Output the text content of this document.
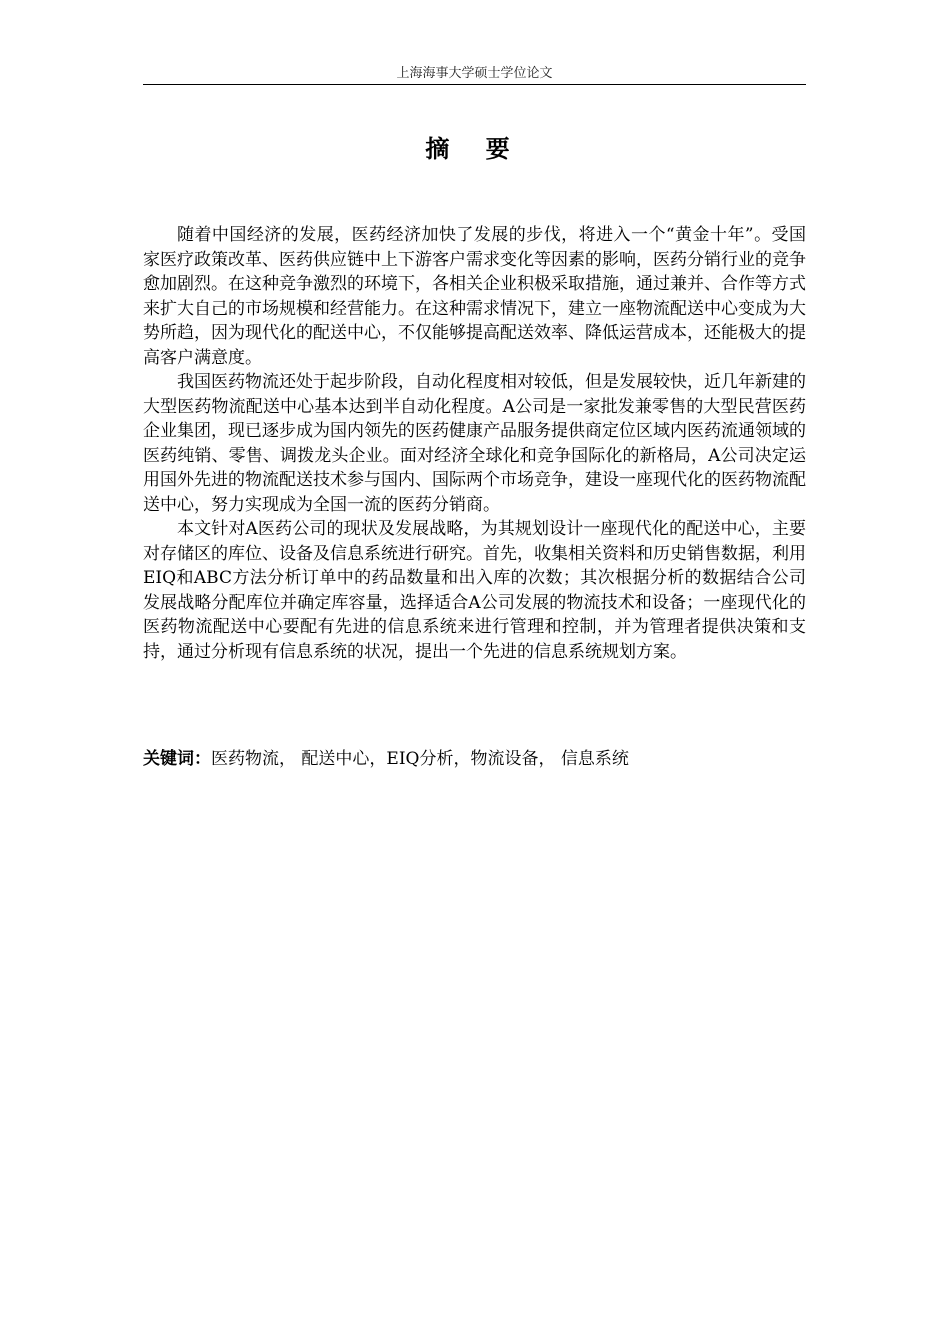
上海海事大学硕士学位论文
摘 要

随着中国经济的发展，医药经济加快了发展的步伐，将进入一个“黄金十年”。受国家医疗政策改革、医药供应链中上下游客户需求变化等因素的影响，医药分销行业的竞争愈加剧烈。在这种竞争激烈的环境下，各相关企业积极采取措施，通过兼并、合作等方式来扩大自己的市场规模和经营能力。在这种需求情况下，建立一座物流配送中心变成为大势所趋，因为现代化的配送中心，不仅能够提高配送效率、降低运营成本，还能极大的提高客户满意度。

我国医药物流还处于起步阶段，自动化程度相对较低，但是发展较快，近几年新建的大型医药物流配送中心基本达到半自动化程度。A公司是一家批发兼零售的大型民营医药企业集团，现已逐步成为国内领先的医药健康产品服务提供商定位区域内医药流通领域的医药纯销、零售、调拨龙头企业。面对经济全球化和竞争国际化的新格局，A公司决定运用国外先进的物流配送技术参与国内、国际两个市场竞争，建设一座现代化的医药物流配送中心，努力实现成为全国一流的医药分销商。

本文针对A医药公司的现状及发展战略，为其规划设计一座现代化的配送中心，主要对存储区的库位、设备及信息系统进行研究。首先，收集相关资料和历史销售数据，利用EIQ和ABC方法分析订单中的药品数量和出入库的次数；其次根据分析的数据结合公司发展战略分配库位并确定库容量，选择适合A公司发展的物流技术和设备；一座现代化的医药物流配送中心要配有先进的信息系统来进行管理和控制，并为管理者提供决策和支持，通过分析现有信息系统的状况，提出一个先进的信息系统规划方案。

关键词：医药物流， 配送中心，EIQ分析，物流设备， 信息系统
